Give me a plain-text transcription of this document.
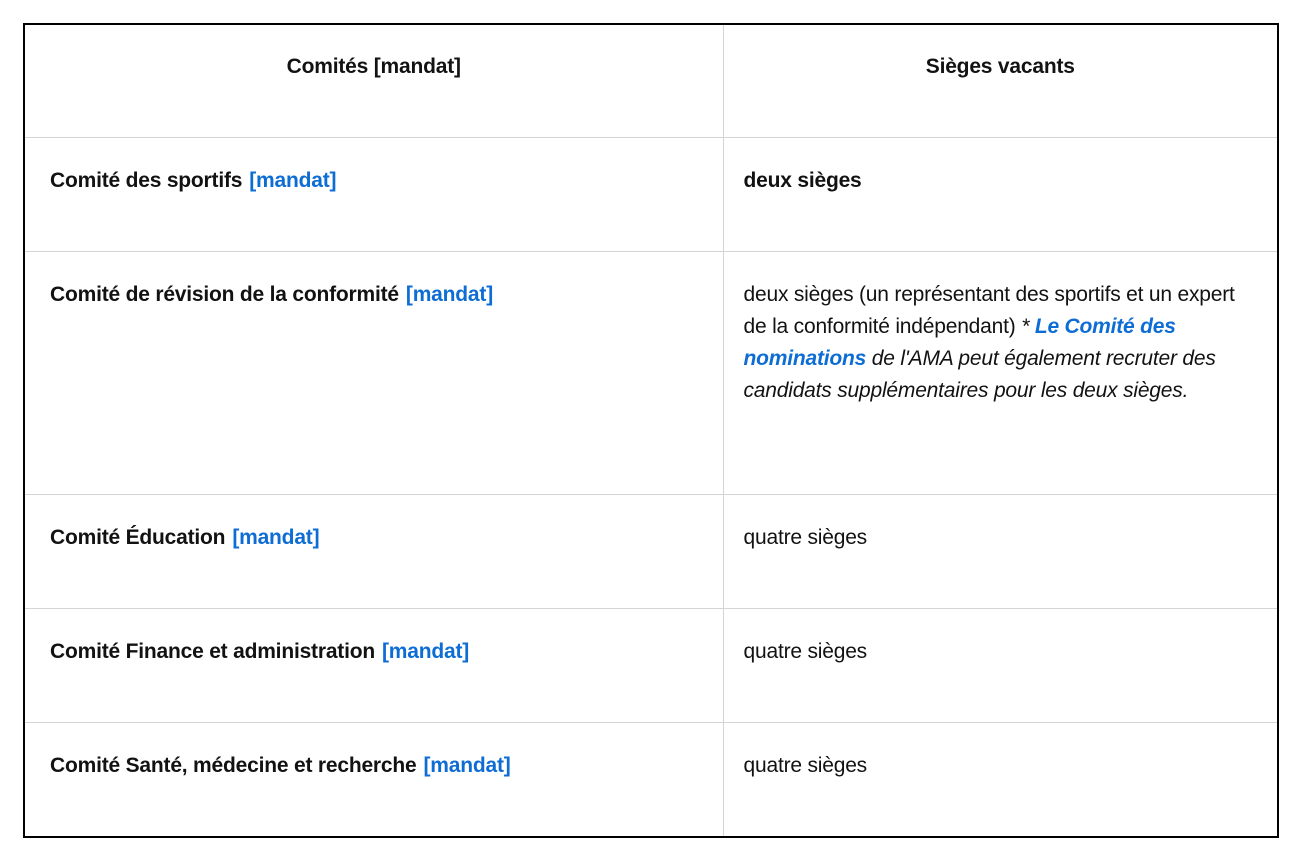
Comités [mandat]	Sièges vacants
Comité des sportifs [mandat]	deux sièges
Comité de révision de la conformité [mandat]	deux sièges (un représentant des sportifs et un expert de la conformité indépendant) * Le Comité des nominations de l'AMA peut également recruter des candidats supplémentaires pour les deux sièges.
Comité Éducation [mandat]	quatre sièges
Comité Finance et administration [mandat]	quatre sièges
Comité Santé, médecine et recherche [mandat]	quatre sièges
